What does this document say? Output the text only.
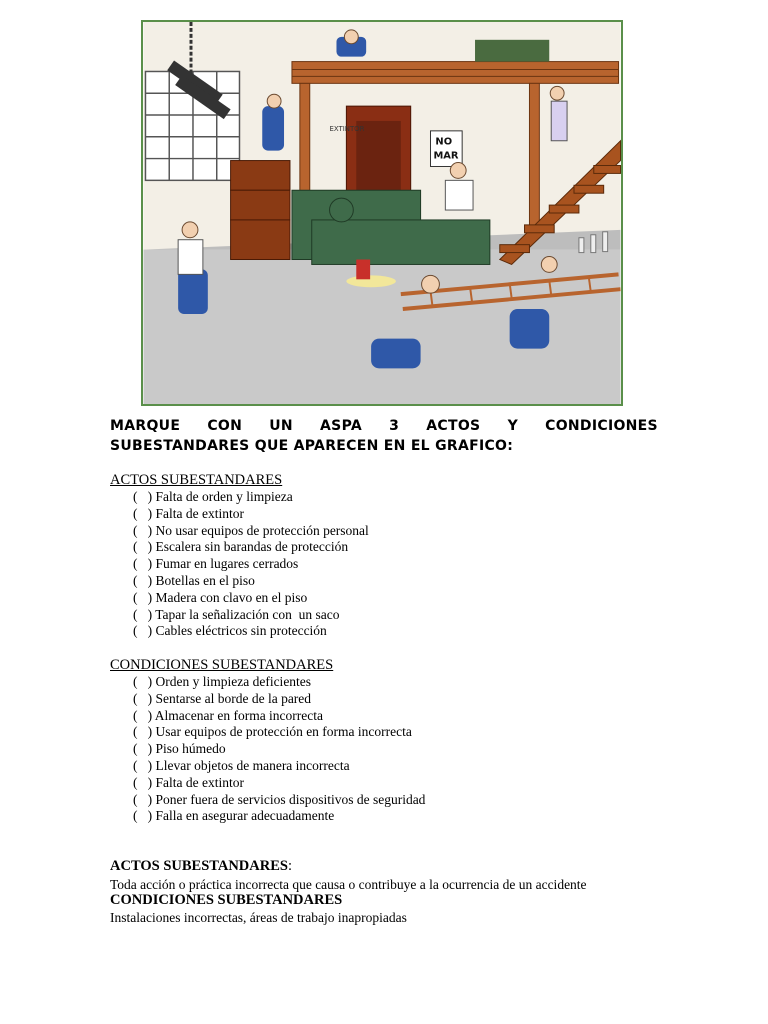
EXTINTOR
NO
MAR
MARQUE CON UN ASPA 3 ACTOS Y CONDICIONES
SUBESTANDARES QUE APARECEN EN EL GRAFICO:
ACTOS SUBESTANDARES
(   ) Falta de orden y limpieza
(   ) Falta de extintor
(   ) No usar equipos de protección personal
(   ) Escalera sin barandas de protección
(   ) Fumar en lugares cerrados
(   ) Botellas en el piso
(   ) Madera con clavo en el piso
(   ) Tapar la señalización con  un saco
(   ) Cables eléctricos sin protección
CONDICIONES SUBESTANDARES
(   ) Orden y limpieza deficientes
(   ) Sentarse al borde de la pared
(   ) Almacenar en forma incorrecta
(   ) Usar equipos de protección en forma incorrecta
(   ) Piso húmedo
(   ) Llevar objetos de manera incorrecta
(   ) Falta de extintor
(   ) Poner fuera de servicios dispositivos de seguridad
(   ) Falla en asegurar adecuadamente
ACTOS SUBESTANDARES:
Toda acción o práctica incorrecta que causa o contribuye a la ocurrencia de un accidente
CONDICIONES SUBESTANDARES
Instalaciones incorrectas, áreas de trabajo inapropiadas
